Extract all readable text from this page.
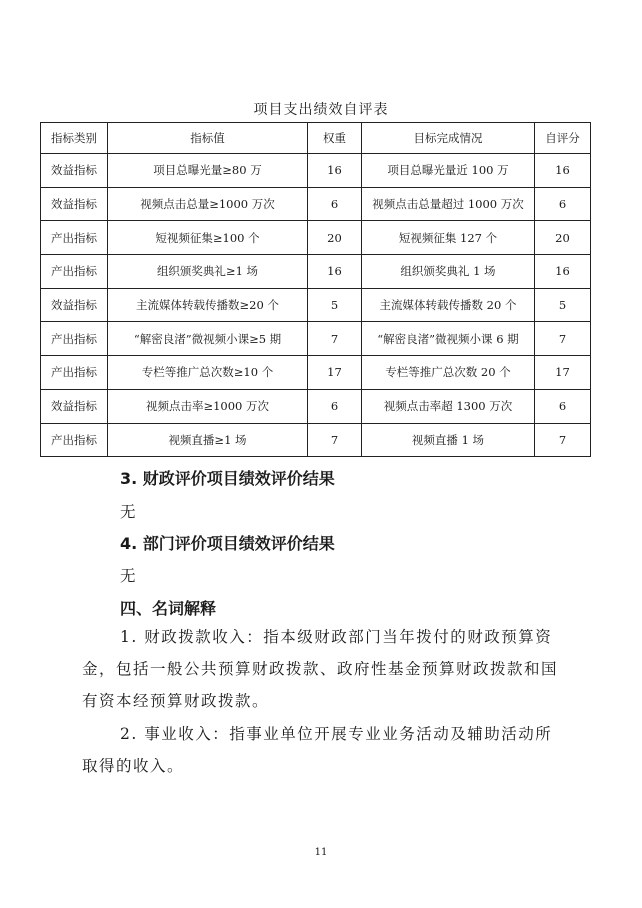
项目支出绩效自评表
指标类别	指标值	权重	目标完成情况	自评分
效益指标	项目总曝光量≥80 万	16	项目总曝光量近 100 万	16
效益指标	视频点击总量≥1000 万次	6	视频点击总量超过 1000 万次	6
产出指标	短视频征集≥100 个	20	短视频征集 127 个	20
产出指标	组织颁奖典礼≥1 场	16	组织颁奖典礼 1 场	16
效益指标	主流媒体转载传播数≥20 个	5	主流媒体转载传播数 20 个	5
产出指标	“解密良渚”微视频小课≥5 期	7	“解密良渚”微视频小课 6 期	7
产出指标	专栏等推广总次数≥10 个	17	专栏等推广总次数 20 个	17
效益指标	视频点击率≥1000 万次	6	视频点击率超 1300 万次	6
产出指标	视频直播≥1 场	7	视频直播 1 场	7
3. 财政评价项目绩效评价结果
无
4. 部门评价项目绩效评价结果
无
四、名词解释
1. 财政拨款收入：指本级财政部门当年拨付的财政预算资金，包括一般公共预算财政拨款、政府性基金预算财政拨款和国有资本经预算财政拨款。
2. 事业收入：指事业单位开展专业业务活动及辅助活动所取得的收入。
11
